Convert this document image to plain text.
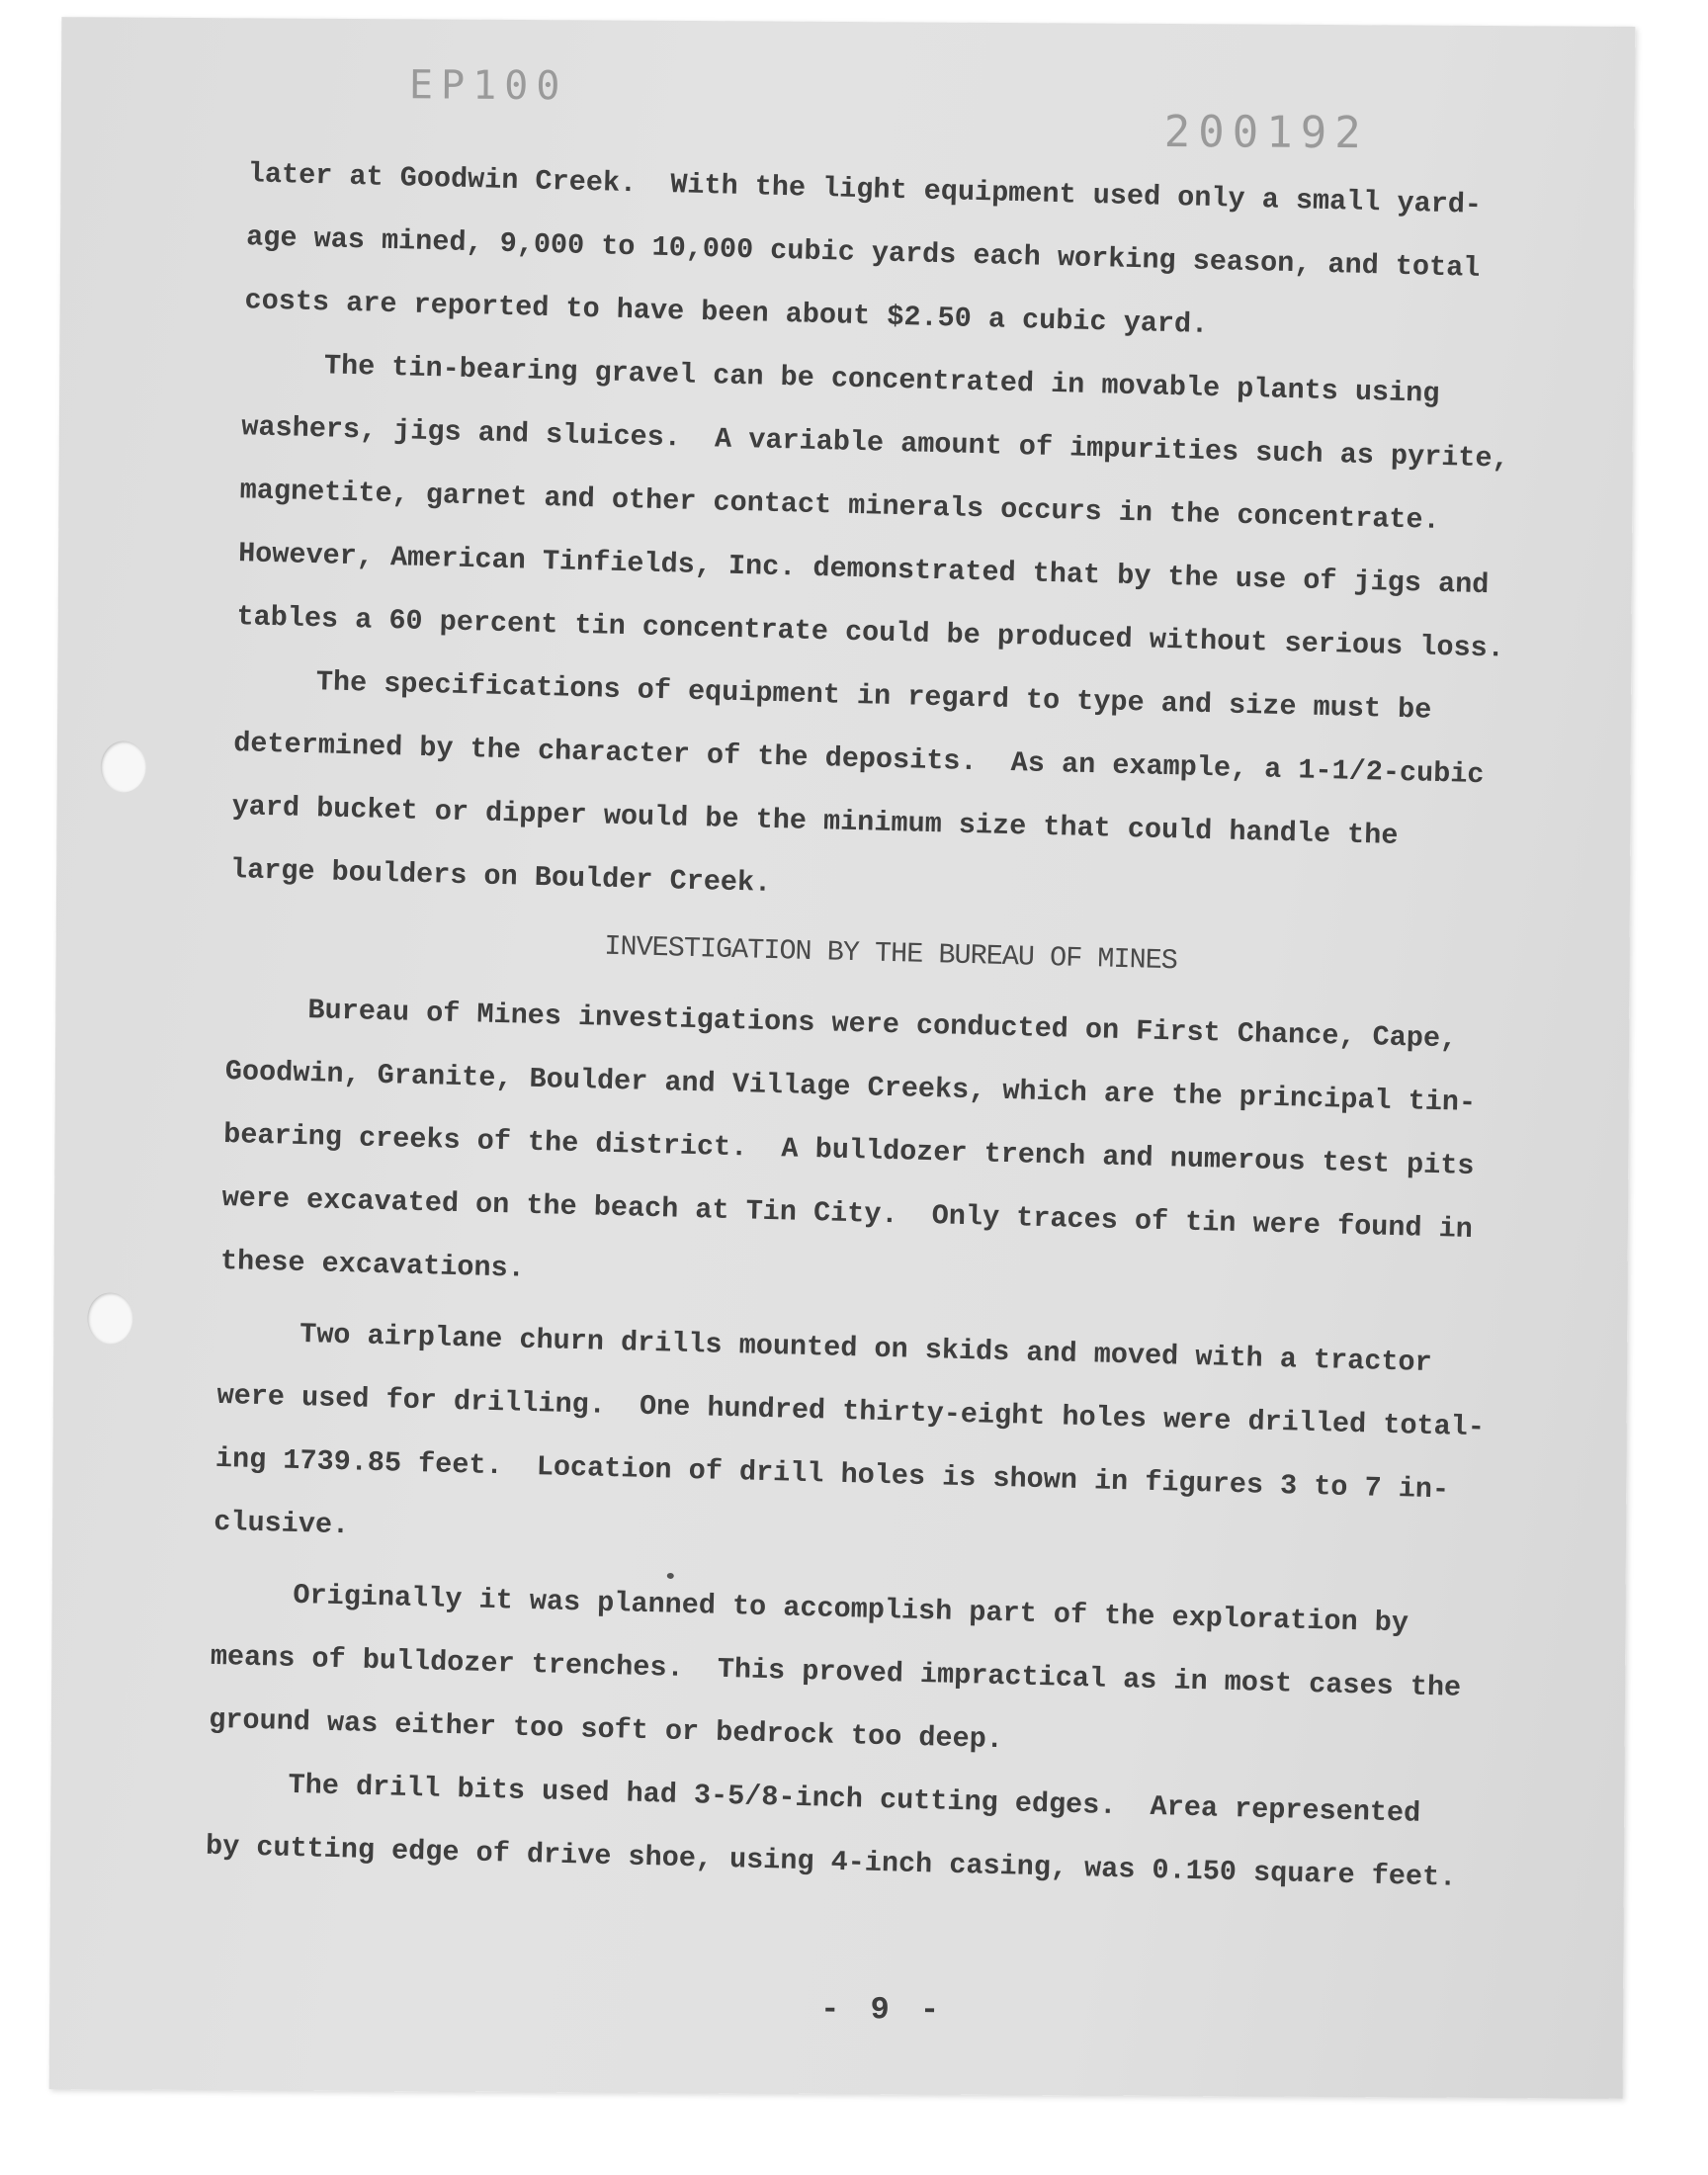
EP100
200192
later at Goodwin Creek.  With the light equipment used only a small yard-
age was mined, 9,000 to 10,000 cubic yards each working season, and total
costs are reported to have been about $2.50 a cubic yard.
The tin-bearing gravel can be concentrated in movable plants using
washers, jigs and sluices.  A variable amount of impurities such as pyrite,
magnetite, garnet and other contact minerals occurs in the concentrate.
However, American Tinfields, Inc. demonstrated that by the use of jigs and
tables a 60 percent tin concentrate could be produced without serious loss.
The specifications of equipment in regard to type and size must be
determined by the character of the deposits.  As an example, a 1-1/2-cubic
yard bucket or dipper would be the minimum size that could handle the
large boulders on Boulder Creek.
INVESTIGATION BY THE BUREAU OF MINES
Bureau of Mines investigations were conducted on First Chance, Cape,
Goodwin, Granite, Boulder and Village Creeks, which are the principal tin-
bearing creeks of the district.  A bulldozer trench and numerous test pits
were excavated on the beach at Tin City.  Only traces of tin were found in
these excavations.
Two airplane churn drills mounted on skids and moved with a tractor
were used for drilling.  One hundred thirty-eight holes were drilled total-
ing 1739.85 feet.  Location of drill holes is shown in figures 3 to 7 in-
clusive.
Originally it was planned to accomplish part of the exploration by
means of bulldozer trenches.  This proved impractical as in most cases the
ground was either too soft or bedrock too deep.
The drill bits used had 3-5/8-inch cutting edges.  Area represented
by cutting edge of drive shoe, using 4-inch casing, was 0.150 square feet.
- 9 -
